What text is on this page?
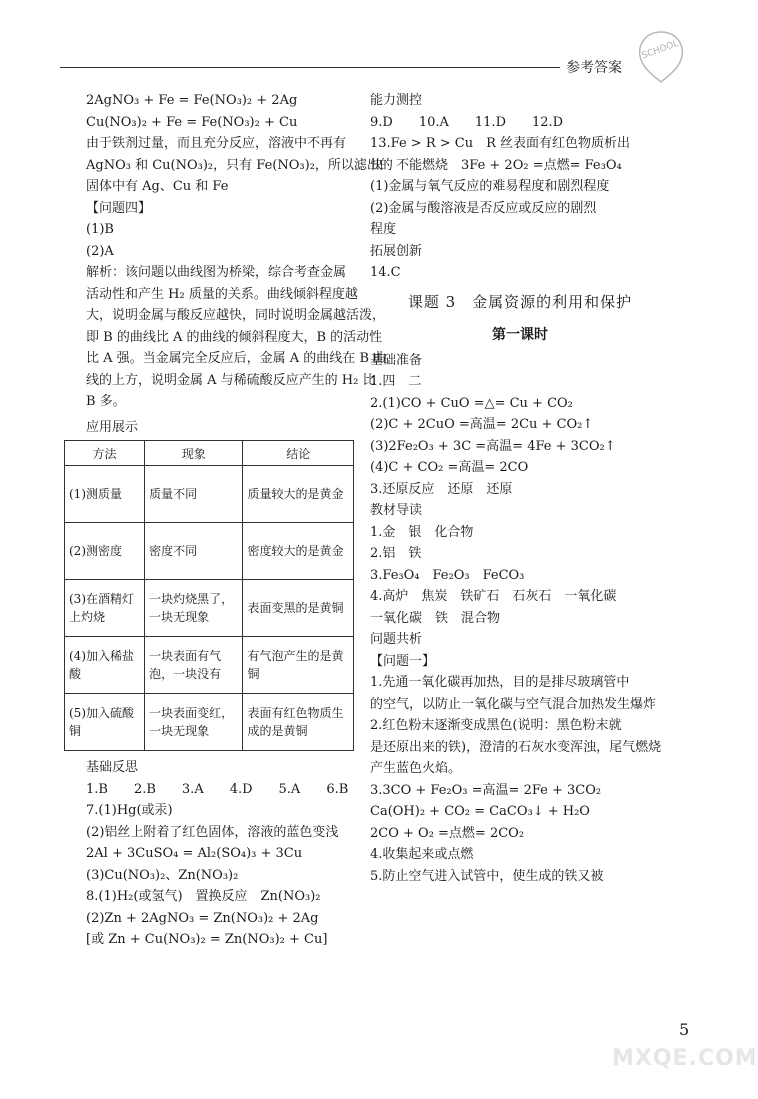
参考答案
SCHOOL
2AgNO₃ + Fe = Fe(NO₃)₂ + 2Ag
Cu(NO₃)₂ + Fe = Fe(NO₃)₂ + Cu
由于铁剂过量，而且充分反应，溶液中不再有
AgNO₃ 和 Cu(NO₃)₂，只有 Fe(NO₃)₂，所以滤出的
固体中有 Ag、Cu 和 Fe
【问题四】
(1)B
(2)A
解析：该问题以曲线图为桥梁，综合考查金属
活动性和产生 H₂ 质量的关系。曲线倾斜程度越
大，说明金属与酸反应越快，同时说明金属越活泼，
即 B 的曲线比 A 的曲线的倾斜程度大，B 的活动性
比 A 强。当金属完全反应后，金属 A 的曲线在 B 曲
线的上方，说明金属 A 与稀硫酸反应产生的 H₂ 比
B 多。
应用展示
方法	现象	结论
(1)测质量	质量不同	质量较大的是黄金
(2)测密度	密度不同	密度较大的是黄金
(3)在酒精灯上灼烧	一块灼烧黑了，一块无现象	表面变黑的是黄铜
(4)加入稀盐酸	一块表面有气泡，一块没有	有气泡产生的是黄铜
(5)加入硫酸铜	一块表面变红，一块无现象	表面有红色物质生成的是黄铜
基础反思
1.B　　2.B　　3.A　　4.D　　5.A　　6.B
7.(1)Hg(或汞)
(2)铝丝上附着了红色固体，溶液的蓝色变浅
2Al + 3CuSO₄ = Al₂(SO₄)₃ + 3Cu
(3)Cu(NO₃)₂、Zn(NO₃)₂
8.(1)H₂(或氢气)　置换反应　Zn(NO₃)₂
(2)Zn + 2AgNO₃ = Zn(NO₃)₂ + 2Ag
[或 Zn + Cu(NO₃)₂ = Zn(NO₃)₂ + Cu]
能力测控
9.D　　10.A　　11.D　　12.D
13.Fe > R > Cu　R 丝表面有红色物质析出
快　不能燃烧　3Fe + 2O₂ =点燃= Fe₃O₄
(1)金属与氧气反应的难易程度和剧烈程度
(2)金属与酸溶液是否反应或反应的剧烈
程度
拓展创新
14.C
课题 3　金属资源的利用和保护
第一课时
基础准备
1.四　二
2.(1)CO + CuO =△= Cu + CO₂
(2)C + 2CuO =高温= 2Cu + CO₂↑
(3)2Fe₂O₃ + 3C =高温= 4Fe + 3CO₂↑
(4)C + CO₂ =高温= 2CO
3.还原反应　还原　还原
教材导读
1.金　银　化合物
2.铝　铁
3.Fe₃O₄　Fe₂O₃　FeCO₃
4.高炉　焦炭　铁矿石　石灰石　一氧化碳
一氧化碳　铁　混合物
问题共析
【问题一】
1.先通一氧化碳再加热，目的是排尽玻璃管中
的空气，以防止一氧化碳与空气混合加热发生爆炸
2.红色粉末逐渐变成黑色(说明：黑色粉末就
是还原出来的铁)，澄清的石灰水变浑浊，尾气燃烧
产生蓝色火焰。
3.3CO + Fe₂O₃ =高温= 2Fe + 3CO₂
Ca(OH)₂ + CO₂ = CaCO₃↓ + H₂O
2CO + O₂ =点燃= 2CO₂
4.收集起来或点燃
5.防止空气进入试管中，使生成的铁又被
5
MXQE.COM
